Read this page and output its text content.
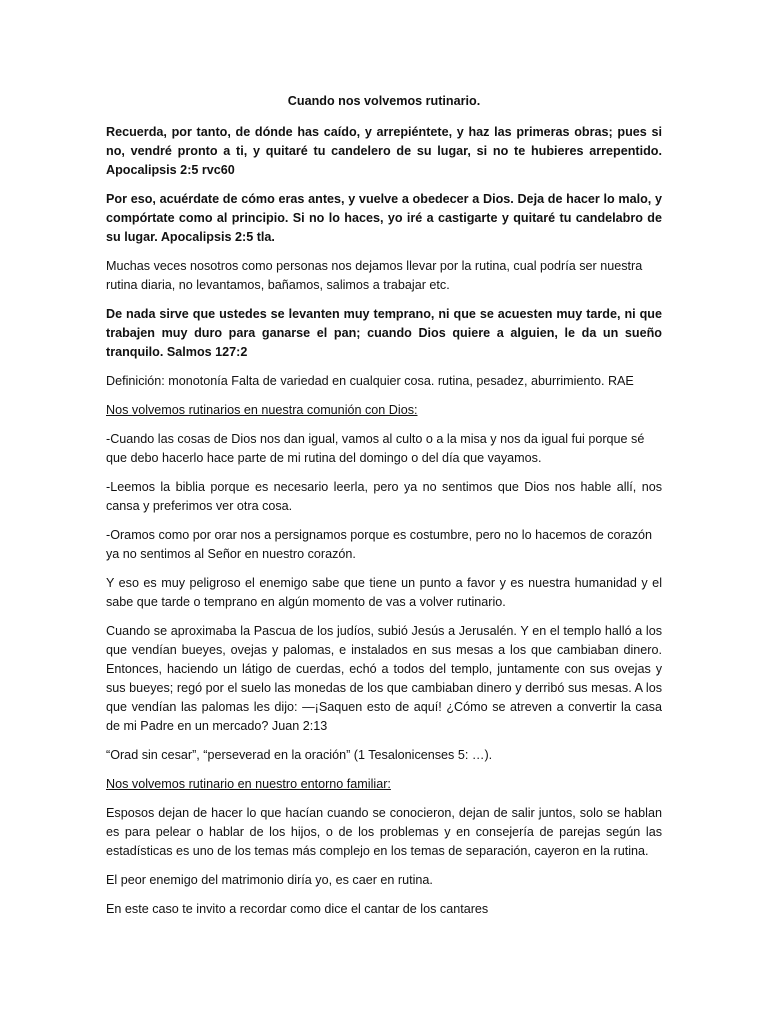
Cuando nos volvemos rutinario.

Recuerda, por tanto, de dónde has caído, y arrepiéntete, y haz las primeras obras; pues si no, vendré pronto a ti, y quitaré tu candelero de su lugar, si no te hubieres arrepentido. Apocalipsis 2:5 rvc60

Por eso, acuérdate de cómo eras antes, y vuelve a obedecer a Dios. Deja de hacer lo malo, y compórtate como al principio. Si no lo haces, yo iré a castigarte y quitaré tu candelabro de su lugar. Apocalipsis 2:5 tla.

Muchas veces nosotros como personas nos dejamos llevar por la rutina, cual podría ser nuestra rutina diaria, no levantamos, bañamos, salimos a trabajar etc.

De nada sirve que ustedes se levanten muy temprano, ni que se acuesten muy tarde, ni que trabajen muy duro para ganarse el pan; cuando Dios quiere a alguien, le da un sueño tranquilo. Salmos 127:2

Definición: monotonía Falta de variedad en cualquier cosa. rutina, pesadez, aburrimiento. RAE

Nos volvemos rutinarios en nuestra comunión con Dios:

-Cuando las cosas de Dios nos dan igual, vamos al culto o a la misa y nos da igual fui porque sé que debo hacerlo hace parte de mi rutina del domingo o del día que vayamos.

-Leemos la biblia porque es necesario leerla, pero ya no sentimos que Dios nos hable allí, nos cansa y preferimos ver otra cosa.

-Oramos como por orar nos a persignamos porque es costumbre, pero no lo hacemos de corazón ya no sentimos al Señor en nuestro corazón.

Y eso es muy peligroso el enemigo sabe que tiene un punto a favor y es nuestra humanidad y el sabe que tarde o temprano en algún momento de vas a volver rutinario.

Cuando se aproximaba la Pascua de los judíos, subió Jesús a Jerusalén. Y en el templo halló a los que vendían bueyes, ovejas y palomas, e instalados en sus mesas a los que cambiaban dinero. Entonces, haciendo un látigo de cuerdas, echó a todos del templo, juntamente con sus ovejas y sus bueyes; regó por el suelo las monedas de los que cambiaban dinero y derribó sus mesas. A los que vendían las palomas les dijo: —¡Saquen esto de aquí! ¿Cómo se atreven a convertir la casa de mi Padre en un mercado? Juan 2:13

“Orad sin cesar”, “perseverad en la oración” (1 Tesalonicenses 5: …).

Nos volvemos rutinario en nuestro entorno familiar:

Esposos dejan de hacer lo que hacían cuando se conocieron, dejan de salir juntos, solo se hablan es para pelear o hablar de los hijos, o de los problemas y en consejería de parejas según las estadísticas es uno de los temas más complejo en los temas de separación, cayeron en la rutina.

El peor enemigo del matrimonio diría yo, es caer en rutina.

En este caso te invito a recordar como dice el cantar de los cantares
